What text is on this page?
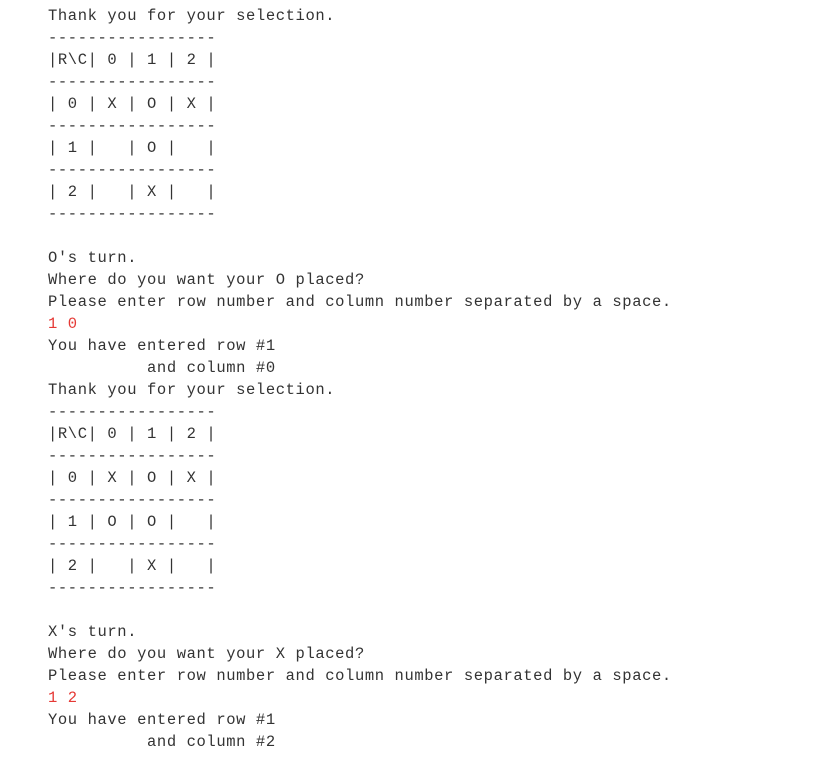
Thank you for your selection.
-----------------
|R\C| 0 | 1 | 2 |
-----------------
| 0 | X | O | X |
-----------------
| 1 |   | O |   |
-----------------
| 2 |   | X |   |
-----------------
O's turn.
Where do you want your O placed?
Please enter row number and column number separated by a space.
1 0
You have entered row #1
and column #0
Thank you for your selection.
-----------------
|R\C| 0 | 1 | 2 |
-----------------
| 0 | X | O | X |
-----------------
| 1 | O | O |   |
-----------------
| 2 |   | X |   |
-----------------
X's turn.
Where do you want your X placed?
Please enter row number and column number separated by a space.
1 2
You have entered row #1
and column #2
